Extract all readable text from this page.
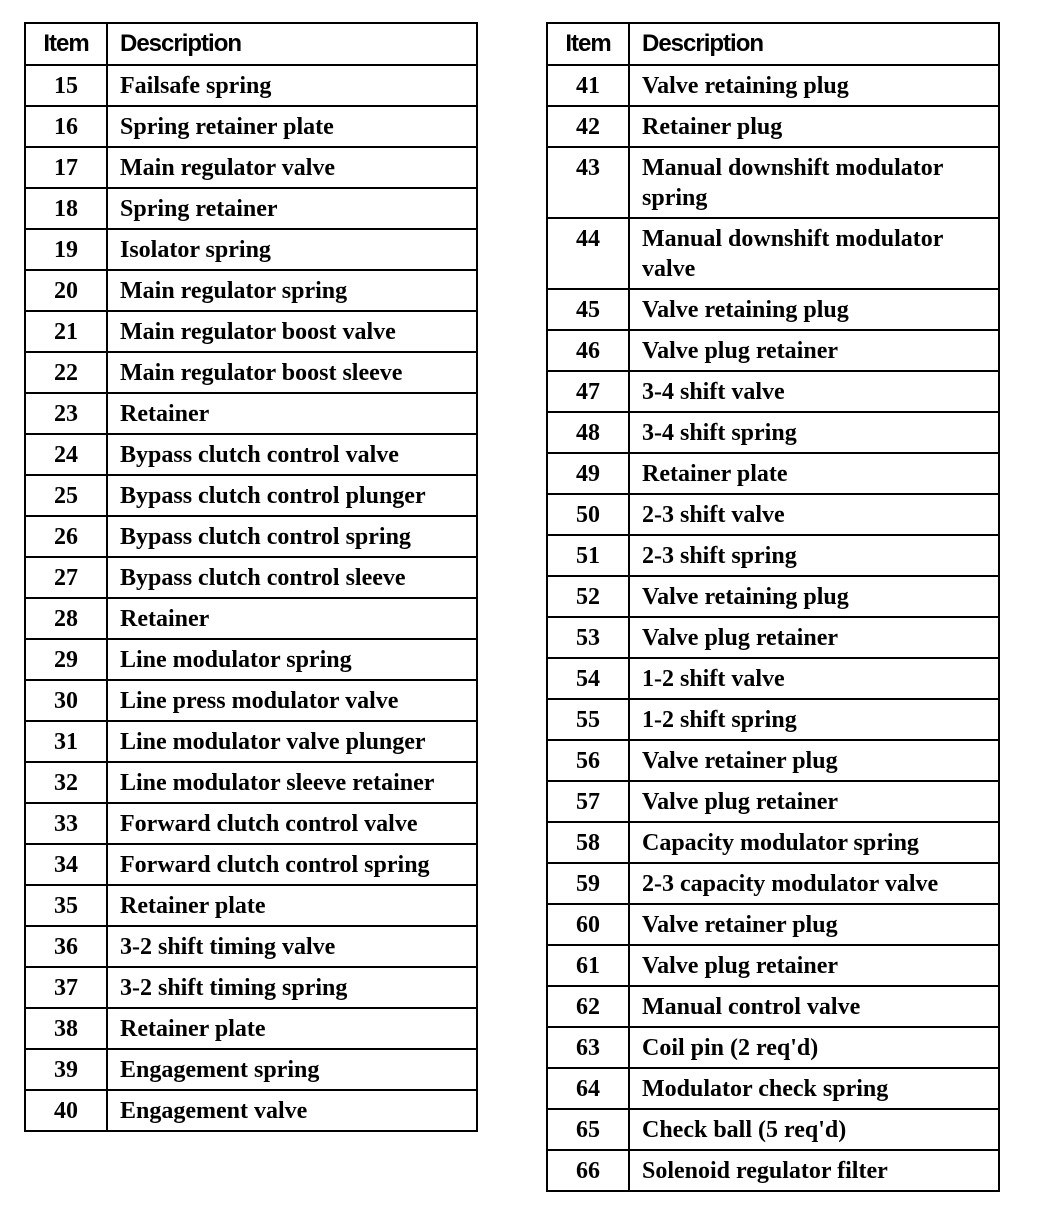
Item	Description
15	Failsafe spring
16	Spring retainer plate
17	Main regulator valve
18	Spring retainer
19	Isolator spring
20	Main regulator spring
21	Main regulator boost valve
22	Main regulator boost sleeve
23	Retainer
24	Bypass clutch control valve
25	Bypass clutch control plunger
26	Bypass clutch control spring
27	Bypass clutch control sleeve
28	Retainer
29	Line modulator spring
30	Line press modulator valve
31	Line modulator valve plunger
32	Line modulator sleeve retainer
33	Forward clutch control valve
34	Forward clutch control spring
35	Retainer plate
36	3-2 shift timing valve
37	3-2 shift timing spring
38	Retainer plate
39	Engagement spring
40	Engagement valve
Item	Description
41	Valve retaining plug
42	Retainer plug
43	Manual downshift modulator spring
44	Manual downshift modulator valve
45	Valve retaining plug
46	Valve plug retainer
47	3-4 shift valve
48	3-4 shift spring
49	Retainer plate
50	2-3 shift valve
51	2-3 shift spring
52	Valve retaining plug
53	Valve plug retainer
54	1-2 shift valve
55	1-2 shift spring
56	Valve retainer plug
57	Valve plug retainer
58	Capacity modulator spring
59	2-3 capacity modulator valve
60	Valve retainer plug
61	Valve plug retainer
62	Manual control valve
63	Coil pin (2 req'd)
64	Modulator check spring
65	Check ball (5 req'd)
66	Solenoid regulator filter
